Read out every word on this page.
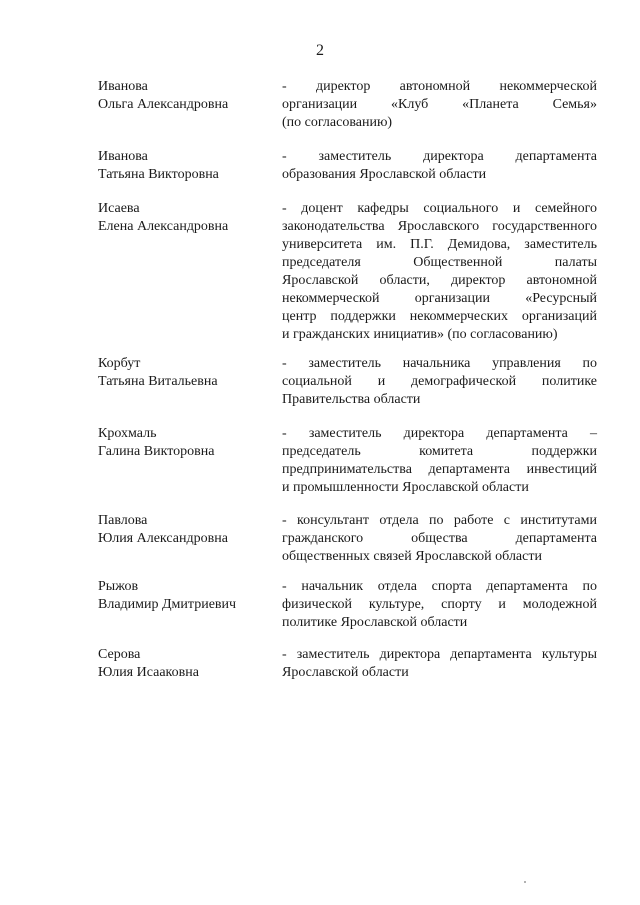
2
Иванова
Ольга Александровна
- директор автономной некоммерческой
организации «Клуб «Планета Семья»
(по согласованию)
Иванова
Татьяна Викторовна
- заместитель директора департамента
образования Ярославской области
Исаева
Елена Александровна
- доцент кафедры социального и семейного
законодательства Ярославского государственного
университета им. П.Г. Демидова, заместитель
председателя Общественной палаты
Ярославской области, директор автономной
некоммерческой организации «Ресурсный
центр поддержки некоммерческих организаций
и гражданских инициатив» (по согласованию)
Корбут
Татьяна Витальевна
- заместитель начальника управления по
социальной и демографической политике
Правительства области
Крохмаль
Галина Викторовна
- заместитель директора департамента –
председатель комитета поддержки
предпринимательства департамента инвестиций
и промышленности Ярославской области
Павлова
Юлия Александровна
- консультант отдела по работе с институтами
гражданского общества департамента
общественных связей Ярославской области
Рыжов
Владимир Дмитриевич
- начальник отдела спорта департамента по
физической культуре, спорту и молодежной
политике Ярославской области
Серова
Юлия Исааковна
- заместитель директора департамента культуры
Ярославской области
